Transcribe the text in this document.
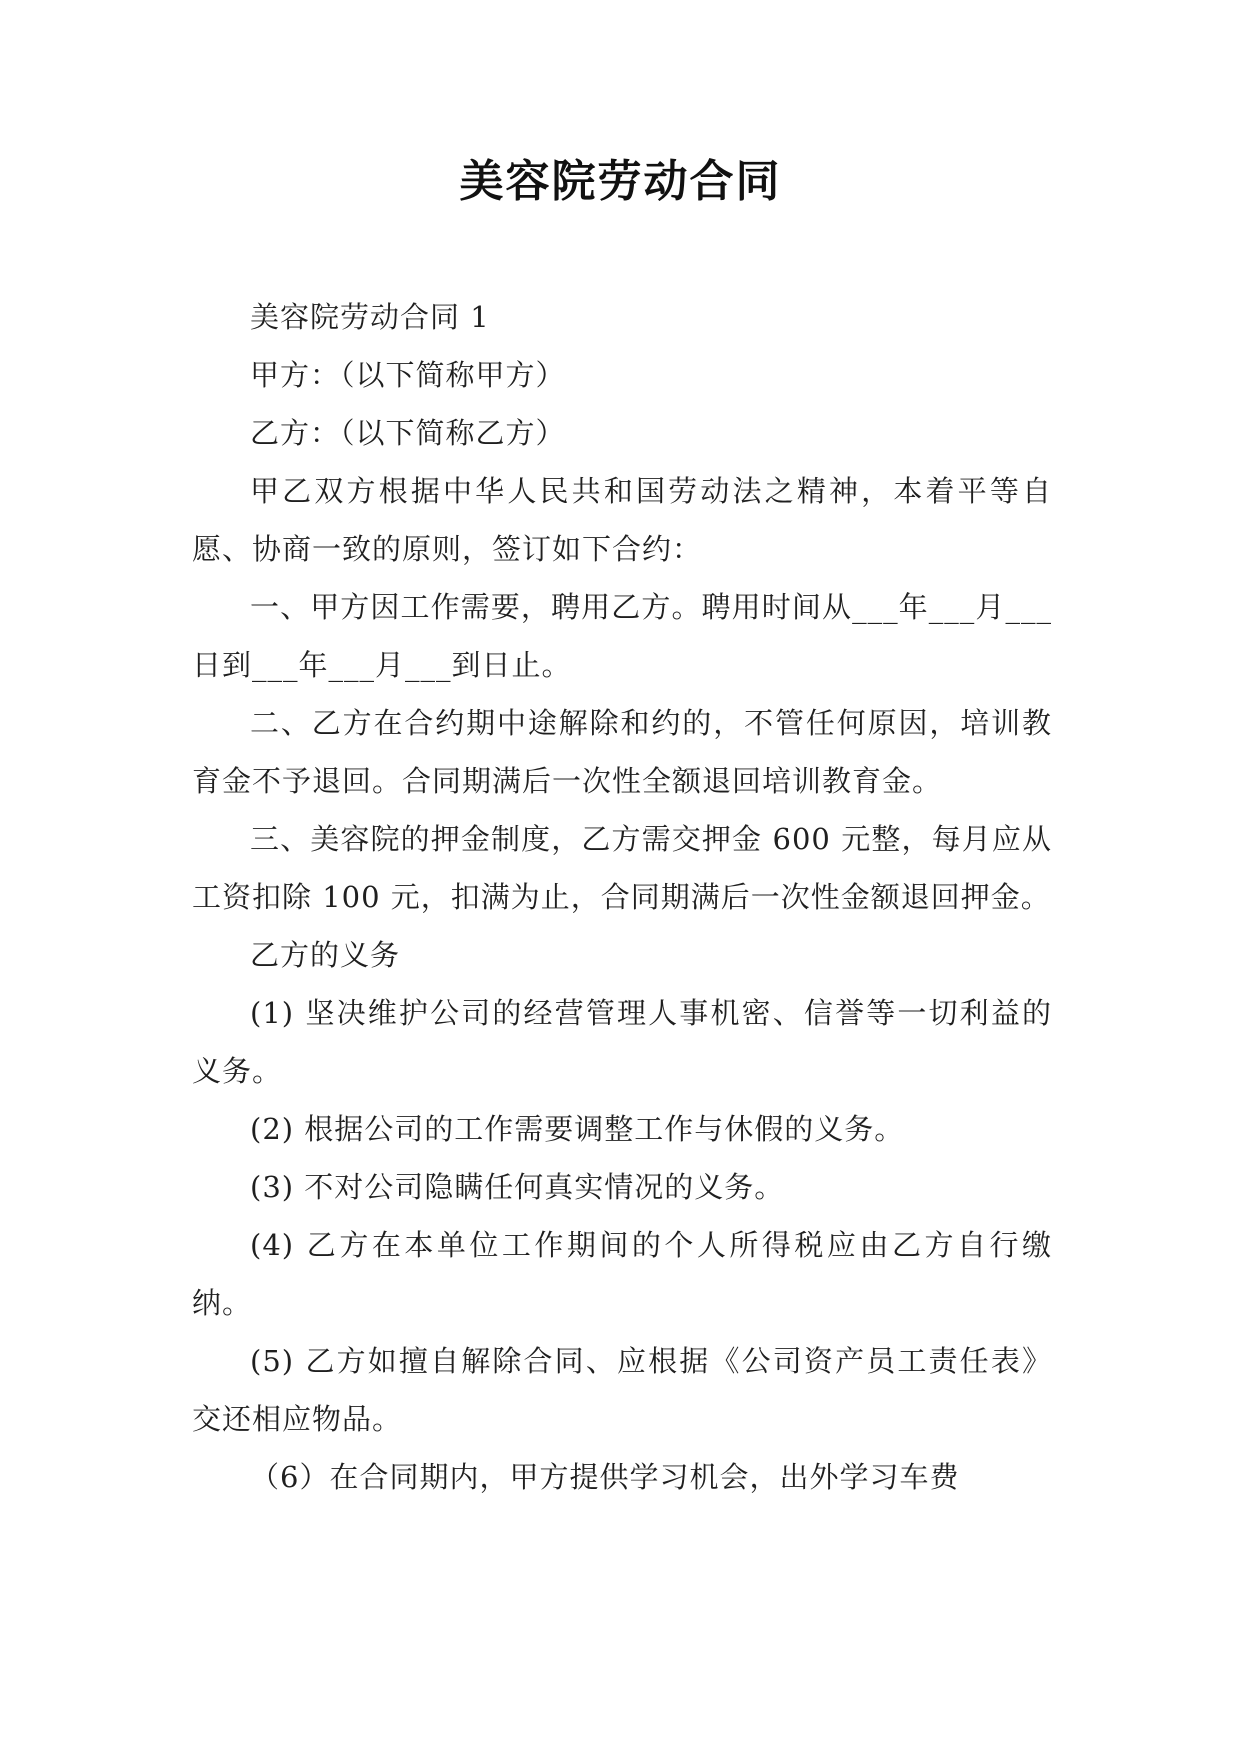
美容院劳动合同

美容院劳动合同 1

甲方：（以下简称甲方）

乙方：（以下简称乙方）

甲乙双方根据中华人民共和国劳动法之精神，本着平等自愿、协商一致的原则，签订如下合约：

一、甲方因工作需要，聘用乙方。聘用时间从___年___月___日到___年___月___到日止。

二、乙方在合约期中途解除和约的，不管任何原因，培训教育金不予退回。合同期满后一次性全额退回培训教育金。

三、美容院的押金制度，乙方需交押金 600 元整，每月应从工资扣除 100 元，扣满为止，合同期满后一次性金额退回押金。

乙方的义务

(1) 坚决维护公司的经营管理人事机密、信誉等一切利益的义务。

(2) 根据公司的工作需要调整工作与休假的义务。

(3) 不对公司隐瞒任何真实情况的义务。

(4) 乙方在本单位工作期间的个人所得税应由乙方自行缴纳。

(5) 乙方如擅自解除合同、应根据《公司资产员工责任表》交还相应物品。

（6）在合同期内，甲方提供学习机会，出外学习车费
